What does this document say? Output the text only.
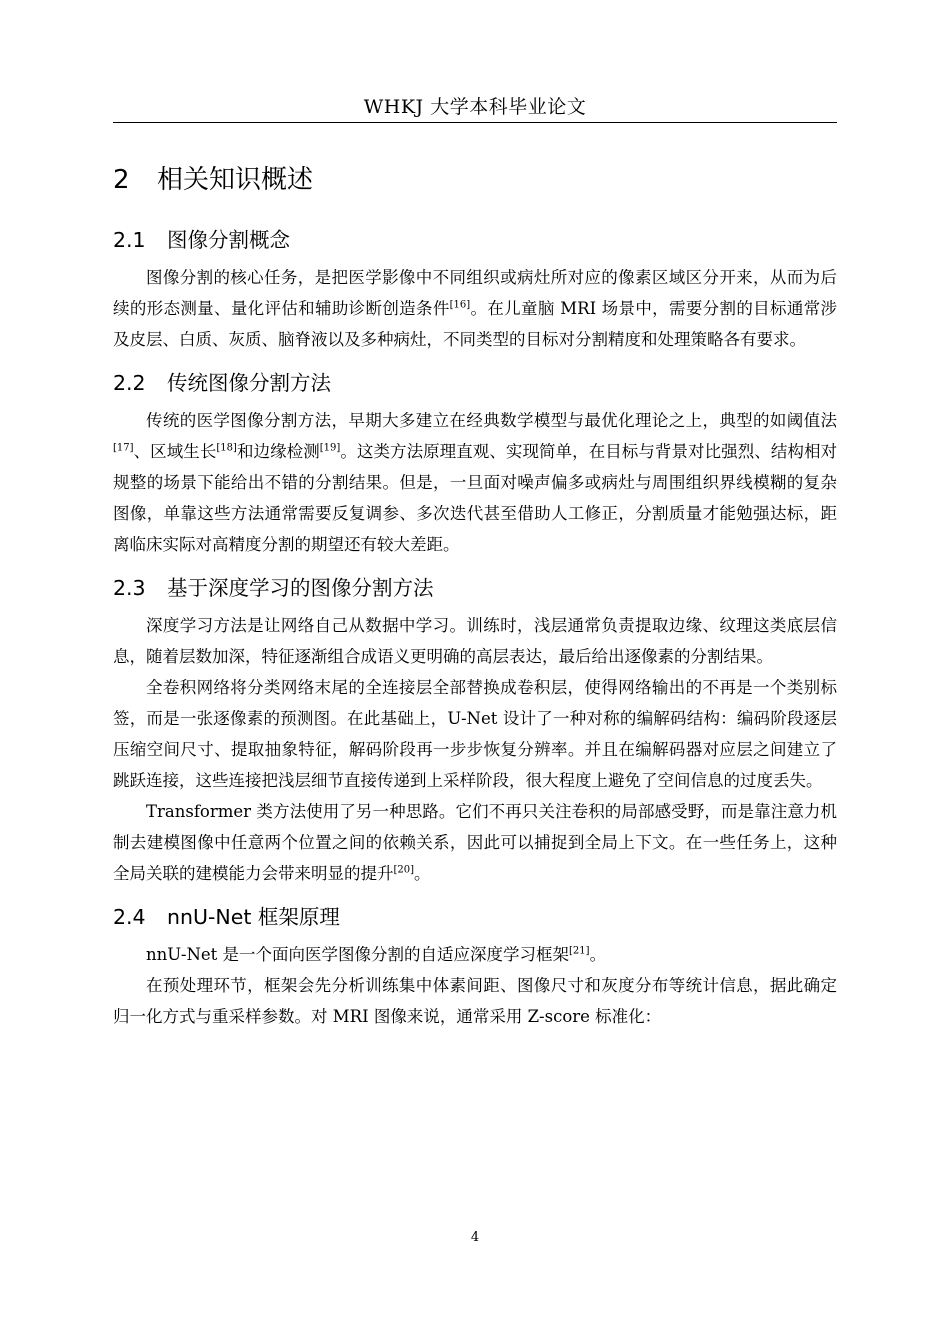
WHKJ 大学本科毕业论文
2 相关知识概述
2.1 图像分割概念

图像分割的核心任务，是把医学影像中不同组织或病灶所对应的像素区域区分开来，从而为后续的形态测量、量化评估和辅助诊断创造条件[16]。在儿童脑 MRI 场景中，需要分割的目标通常涉及皮层、白质、灰质、脑脊液以及多种病灶，不同类型的目标对分割精度和处理策略各有要求。

2.2 传统图像分割方法

传统的医学图像分割方法，早期大多建立在经典数学模型与最优化理论之上，典型的如阈值法[17]、区域生长[18]和边缘检测[19]。这类方法原理直观、实现简单，在目标与背景对比强烈、结构相对规整的场景下能给出不错的分割结果。但是，一旦面对噪声偏多或病灶与周围组织界线模糊的复杂图像，单靠这些方法通常需要反复调参、多次迭代甚至借助人工修正，分割质量才能勉强达标，距离临床实际对高精度分割的期望还有较大差距。

2.3 基于深度学习的图像分割方法

深度学习方法是让网络自己从数据中学习。训练时，浅层通常负责提取边缘、纹理这类底层信息，随着层数加深，特征逐渐组合成语义更明确的高层表达，最后给出逐像素的分割结果。

全卷积网络将分类网络末尾的全连接层全部替换成卷积层，使得网络输出的不再是一个类别标签，而是一张逐像素的预测图。在此基础上，U-Net 设计了一种对称的编解码结构：编码阶段逐层压缩空间尺寸、提取抽象特征，解码阶段再一步步恢复分辨率。并且在编解码器对应层之间建立了跳跃连接，这些连接把浅层细节直接传递到上采样阶段，很大程度上避免了空间信息的过度丢失。

Transformer 类方法使用了另一种思路。它们不再只关注卷积的局部感受野，而是靠注意力机制去建模图像中任意两个位置之间的依赖关系，因此可以捕捉到全局上下文。在一些任务上，这种全局关联的建模能力会带来明显的提升[20]。

2.4 nnU-Net 框架原理

nnU-Net 是一个面向医学图像分割的自适应深度学习框架[21]。

在预处理环节，框架会先分析训练集中体素间距、图像尺寸和灰度分布等统计信息，据此确定归一化方式与重采样参数。对 MRI 图像来说，通常采用 Z-score 标准化：

4
